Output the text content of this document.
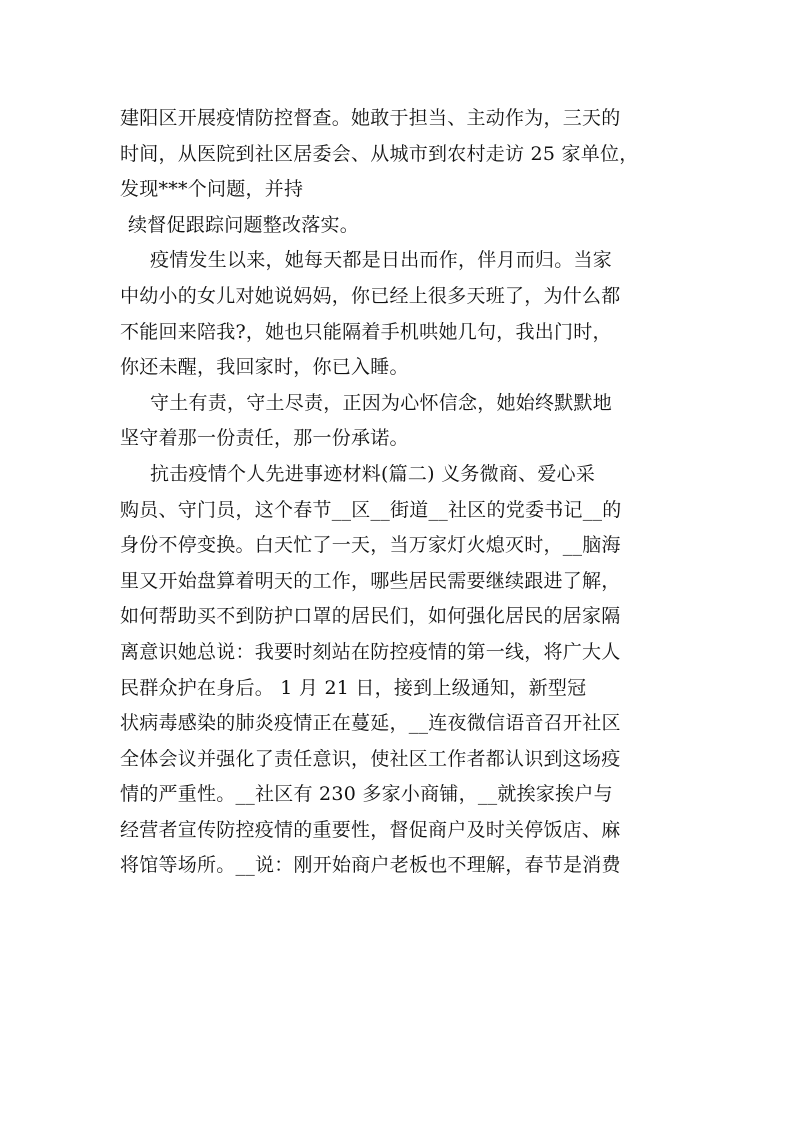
建阳区开展疫情防控督查。她敢于担当、主动作为，三天的
时间，从医院到社区居委会、从城市到农村走访 25 家单位，
发现***个问题，并持
续督促跟踪问题整改落实。
疫情发生以来，她每天都是日出而作，伴月而归。当家
中幼小的女儿对她说妈妈，你已经上很多天班了，为什么都
不能回来陪我?，她也只能隔着手机哄她几句，我出门时，
你还未醒，我回家时，你已入睡。
守土有责，守土尽责，正因为心怀信念，她始终默默地
坚守着那一份责任，那一份承诺。
抗击疫情个人先进事迹材料(篇二) 义务微商、爱心采
购员、守门员，这个春节__区__街道__社区的党委书记__的
身份不停变换。白天忙了一天，当万家灯火熄灭时，__脑海
里又开始盘算着明天的工作，哪些居民需要继续跟进了解，
如何帮助买不到防护口罩的居民们，如何强化居民的居家隔
离意识她总说：我要时刻站在防控疫情的第一线，将广大人
民群众护在身后。 1 月 21 日，接到上级通知，新型冠
状病毒感染的肺炎疫情正在蔓延，__连夜微信语音召开社区
全体会议并强化了责任意识，使社区工作者都认识到这场疫
情的严重性。__社区有 230 多家小商铺，__就挨家挨户与
经营者宣传防控疫情的重要性，督促商户及时关停饭店、麻
将馆等场所。__说：刚开始商户老板也不理解，春节是消费
